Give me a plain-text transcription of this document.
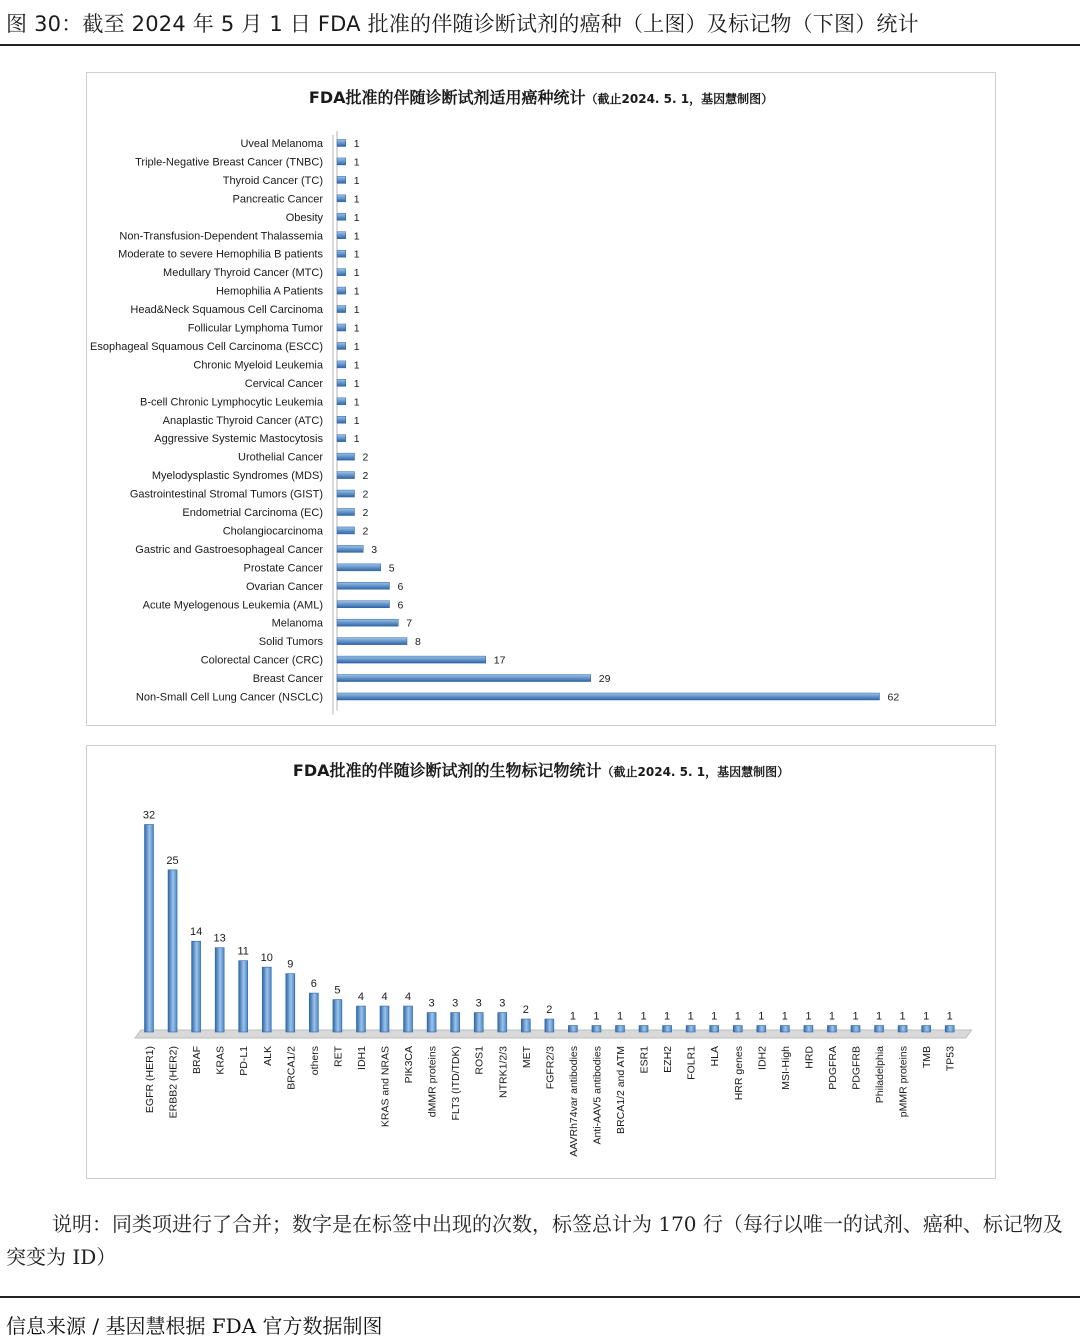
图 30：截至 2024 年 5 月 1 日 FDA 批准的伴随诊断试剂的癌种（上图）及标记物（下图）统计
FDA批准的伴随诊断试剂适用癌种统计（截止2024. 5. 1，基因慧制图）
Uveal Melanoma	1
Triple-Negative Breast Cancer (TNBC)	1
Thyroid Cancer (TC)	1
Pancreatic Cancer	1
Obesity	1
Non-Transfusion-Dependent Thalassemia	1
Moderate to severe Hemophilia B patients	1
Medullary Thyroid Cancer (MTC)	1
Hemophilia A Patients	1
Head&Neck Squamous Cell Carcinoma	1
Follicular Lymphoma Tumor	1
Esophageal Squamous Cell Carcinoma (ESCC)	1
Chronic Myeloid Leukemia	1
Cervical Cancer	1
B-cell Chronic Lymphocytic Leukemia	1
Anaplastic Thyroid Cancer (ATC)	1
Aggressive Systemic Mastocytosis	1
Urothelial Cancer	2
Myelodysplastic Syndromes (MDS)	2
Gastrointestinal Stromal Tumors (GIST)	2
Endometrial Carcinoma (EC)	2
Cholangiocarcinoma	2
Gastric and Gastroesophageal Cancer	3
Prostate Cancer	5
Ovarian Cancer	6
Acute Myelogenous Leukemia (AML)	6
Melanoma	7
Solid Tumors	8
Colorectal Cancer (CRC)	17
Breast Cancer	29
Non-Small Cell Lung Cancer (NSCLC)	62
FDA批准的伴随诊断试剂的生物标记物统计（截止2024. 5. 1，基因慧制图）
32
EGFR (HER1)
25
ERBB2 (HER2)
14
BRAF
13
KRAS
11
PD-L1
10
ALK
9
BRCA1/2
6
others
5
RET
4
IDH1
4
KRAS and NRAS
4
PIK3CA
3
dMMR proteins
3
FLT3 (ITD/TDK)
3
ROS1
3
NTRK1/2/3
2
MET
2
FGFR2/3
1
AAVRh74var antibodies
1
Anti-AAV5 antibodies
1
BRCA1/2 and ATM
1
ESR1
1
EZH2
1
FOLR1
1
HLA
1
HRR genes
1
IDH2
1
MSI-High
1
HRD
1
PDGFRA
1
PDGFRB
1
Philadelphia
1
pMMR proteins
1
TMB
1
TP53
说明：同类项进行了合并；数字是在标签中出现的次数，标签总计为 170 行（每行以唯一的试剂、癌种、标记物及突变为 ID）
信息来源 / 基因慧根据 FDA 官方数据制图
